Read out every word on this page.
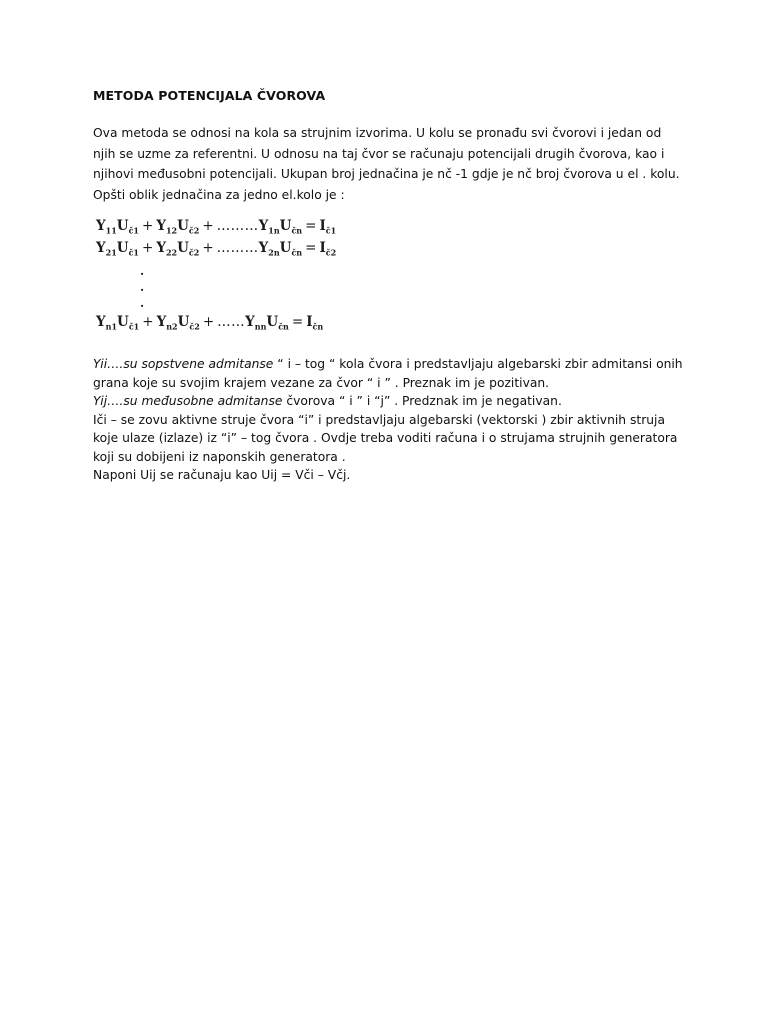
METODA POTENCIJALA ČVOROVA

Ova metoda se odnosi na kola sa strujnim izvorima. U kolu se pronađu svi čvorovi i jedan od njih se uzme za referentni. U odnosu na taj čvor se računaju potencijali drugih čvorova, kao i njihovi međusobni potencijali. Ukupan broj jednačina je nč -1 gdje je nč broj čvorova u el . kolu. Opšti oblik jednačina za jedno el.kolo je :

$Y_{11}U_{č1} + Y_{12}U_{č2}$ + $\dots\dots\dots Y_{1n}U_{čn} = I_{č1}$
$Y_{21}U_{č1} + Y_{22}U_{č2}$ + $\dots\dots\dots Y_{2n}U_{čn} = I_{č2}$
.
.
.
$Y_{n1}U_{č1} + Y_{n2}U_{č2}$ + $\dots\dots Y_{nn}U_{čn} = I_{čn}$

Yii….su sopstvene admitanse “ i – tog “ kola čvora i predstavljaju algebarski zbir admitansi onih grana koje su svojim krajem vezane za čvor “ i ” . Preznak im je pozitivan.

Yij….su međusobne admitanse čvorova “ i ” i “j” . Predznak im je negativan.

Iči – se zovu aktivne struje čvora “i” i predstavljaju algebarski (vektorski ) zbir aktivnih struja koje ulaze (izlaze) iz “i” – tog čvora . Ovdje treba voditi računa i o strujama strujnih generatora koji su dobijeni iz naponskih generatora .

Naponi Uij se računaju kao Uij = Vči – Včj.
